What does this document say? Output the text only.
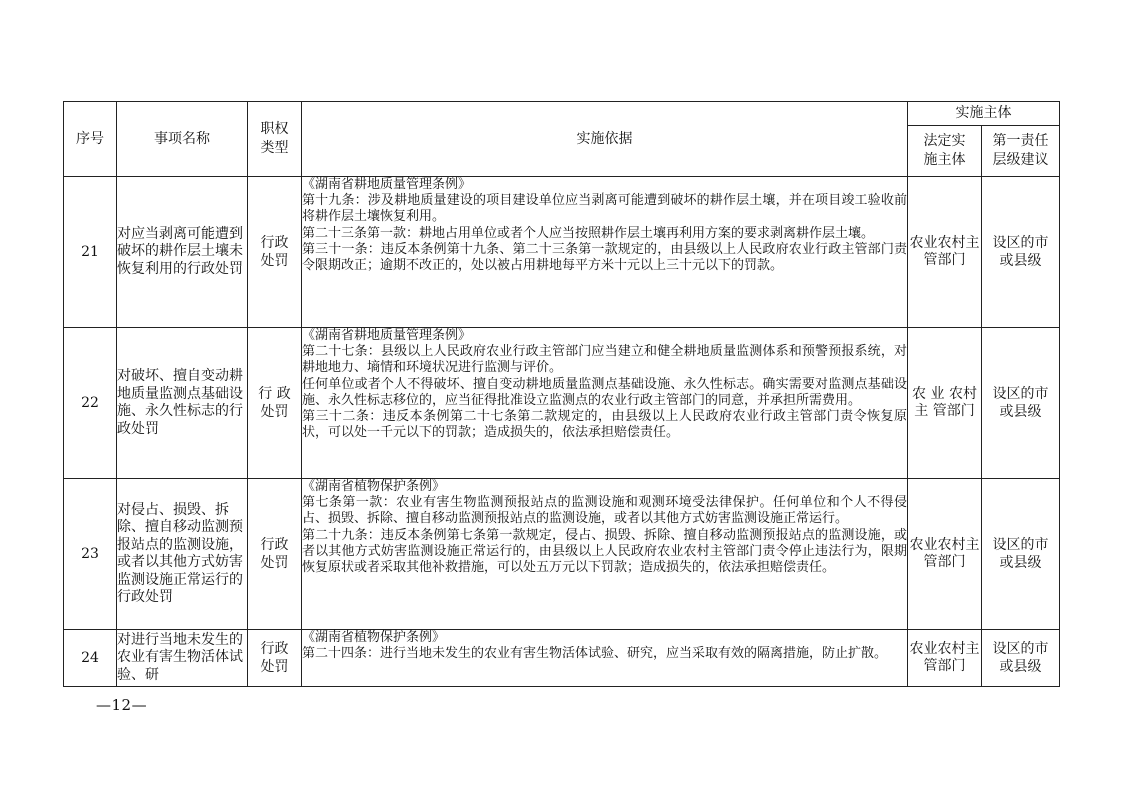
序号	事项名称	职权类型	实施依据	实施主体	
				法定实施主体	第一责任层级建议
21	对应当剥离可能遭到破坏的耕作层土壤未恢复利用的行政处罚	行政处罚	《湖南省耕地质量管理条例》
第十九条：涉及耕地质量建设的项目建设单位应当剥离可能遭到破坏的耕作层土壤，并在项目竣工验收前将耕作层土壤恢复利用。
第二十三条第一款：耕地占用单位或者个人应当按照耕作层土壤再利用方案的要求剥离耕作层土壤。
第三十一条：违反本条例第十九条、第二十三条第一款规定的，由县级以上人民政府农业行政主管部门责令限期改正；逾期不改正的，处以被占用耕地每平方米十元以上三十元以下的罚款。	农业农村主管部门	设区的市或县级
22	对破坏、擅自变动耕地质量监测点基础设施、永久性标志的行政处罚	行 政处罚	《湖南省耕地质量管理条例》
第二十七条：县级以上人民政府农业行政主管部门应当建立和健全耕地质量监测体系和预警预报系统，对耕地地力、墒情和环境状况进行监测与评价。
任何单位或者个人不得破坏、擅自变动耕地质量监测点基础设施、永久性标志。确实需要对监测点基础设施、永久性标志移位的，应当征得批准设立监测点的农业行政主管部门的同意，并承担所需费用。
第三十二条：违反本条例第二十七条第二款规定的，由县级以上人民政府农业行政主管部门责令恢复原状，可以处一千元以下的罚款；造成损失的，依法承担赔偿责任。	农 业 农村 主 管部门	设区的市或县级
23	对侵占、损毁、拆除、擅自移动监测预报站点的监测设施，或者以其他方式妨害监测设施正常运行的行政处罚	行政处罚	《湖南省植物保护条例》
第七条第一款：农业有害生物监测预报站点的监测设施和观测环境受法律保护。任何单位和个人不得侵占、损毁、拆除、擅自移动监测预报站点的监测设施，或者以其他方式妨害监测设施正常运行。
第二十九条：违反本条例第七条第一款规定，侵占、损毁、拆除、擅自移动监测预报站点的监测设施，或者以其他方式妨害监测设施正常运行的，由县级以上人民政府农业农村主管部门责令停止违法行为，限期恢复原状或者采取其他补救措施，可以处五万元以下罚款；造成损失的，依法承担赔偿责任。	农业农村主管部门	设区的市或县级
24	对进行当地未发生的农业有害生物活体试验、研	行政处罚	《湖南省植物保护条例》
第二十四条：进行当地未发生的农业有害生物活体试验、研究，应当采取有效的隔离措施，防止扩散。	农业农村主管部门	设区的市或县级
—12—
